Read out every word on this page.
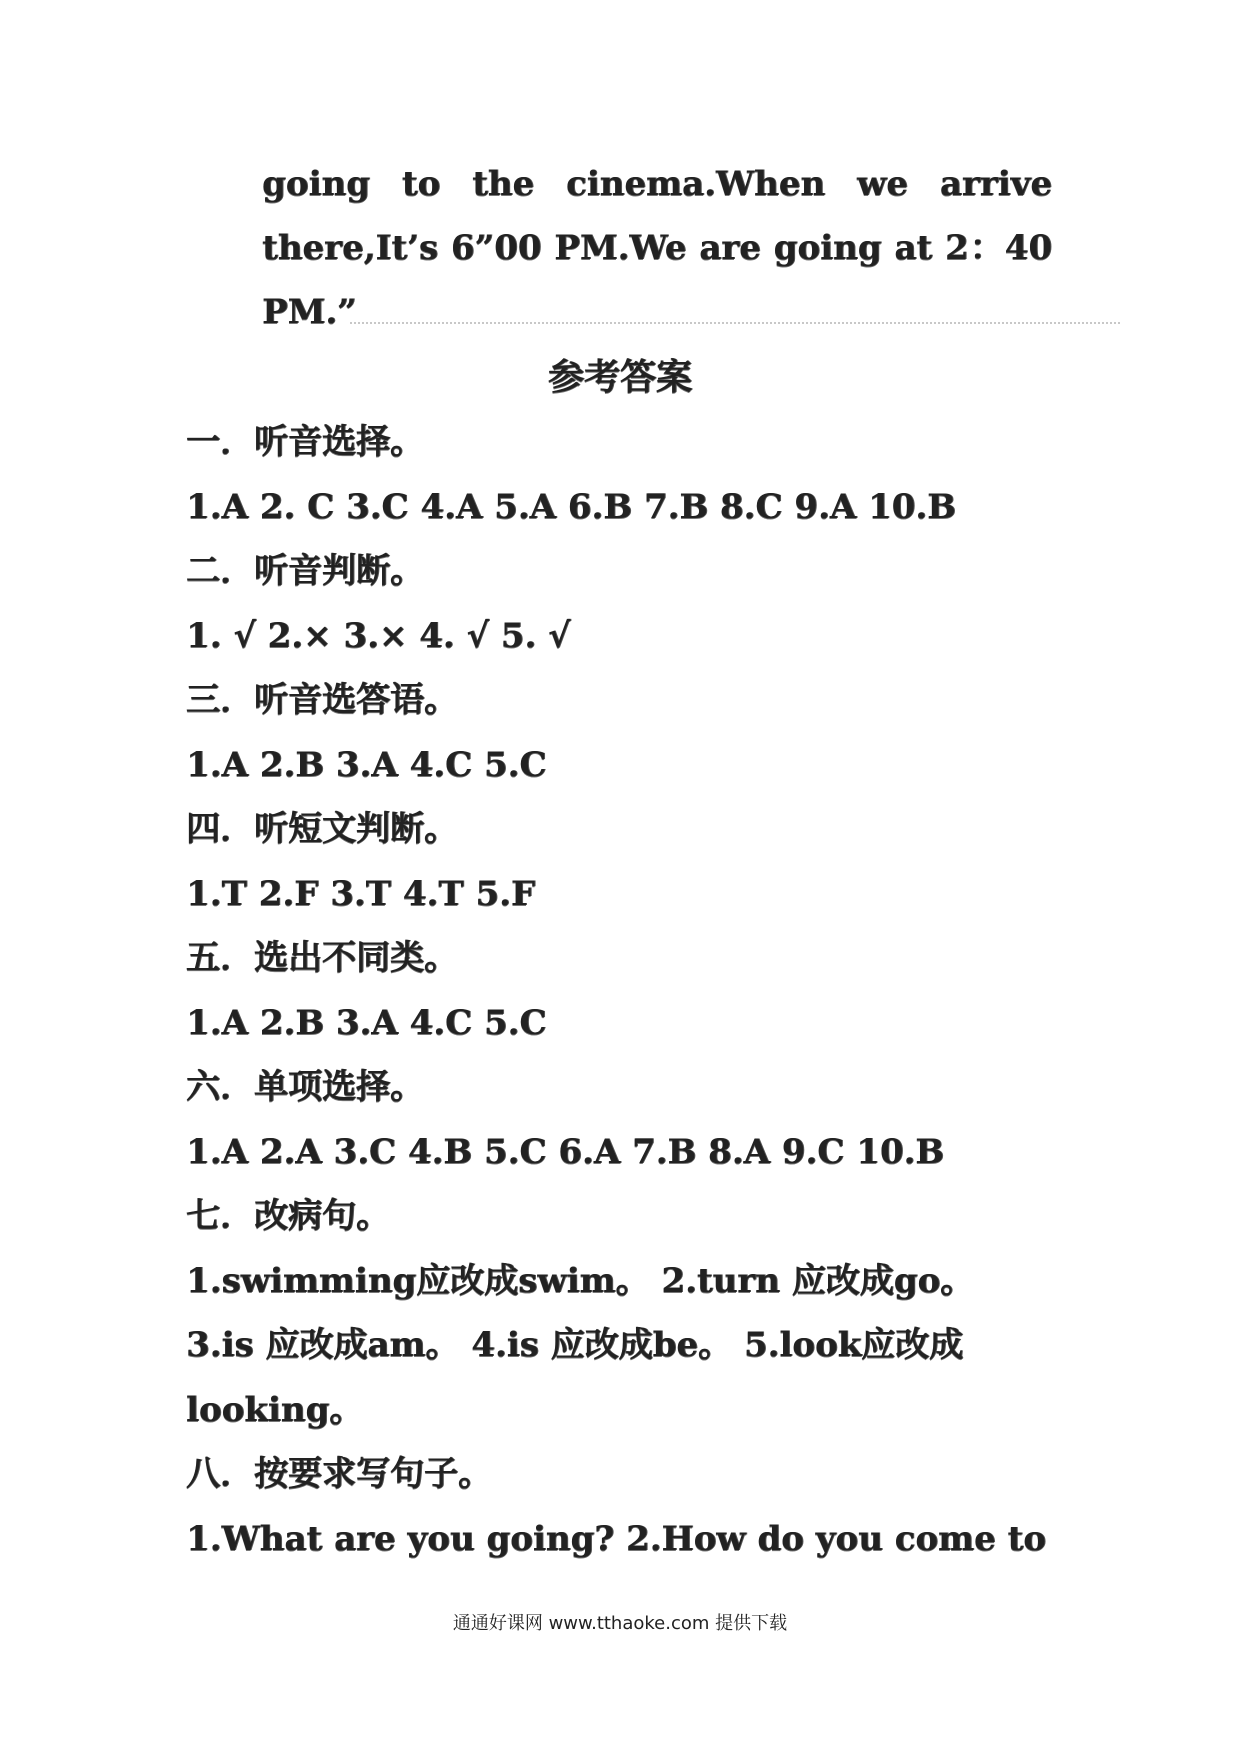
going to the cinema.When we arrive
there,It’s 6”00 PM.We are going at 2：40
PM.”
参考答案
一．听音选择。
1.A 2. C 3.C 4.A 5.A 6.B 7.B 8.C 9.A 10.B
二．听音判断。
1. √ 2.× 3.× 4. √ 5. √
三．听音选答语。
1.A 2.B 3.A 4.C 5.C
四．听短文判断。
1.T 2.F 3.T 4.T 5.F
五．选出不同类。
1.A 2.B 3.A 4.C 5.C
六．单项选择。
1.A 2.A 3.C 4.B 5.C 6.A 7.B 8.A 9.C 10.B
七．改病句。
1.swimming应改成swim。 2.turn 应改成go。
3.is 应改成am。 4.is 应改成be。 5.look应改成
looking。
八．按要求写句子。
1.What are you going? 2.How do you come to
通通好课网 www.tthaoke.com 提供下载
